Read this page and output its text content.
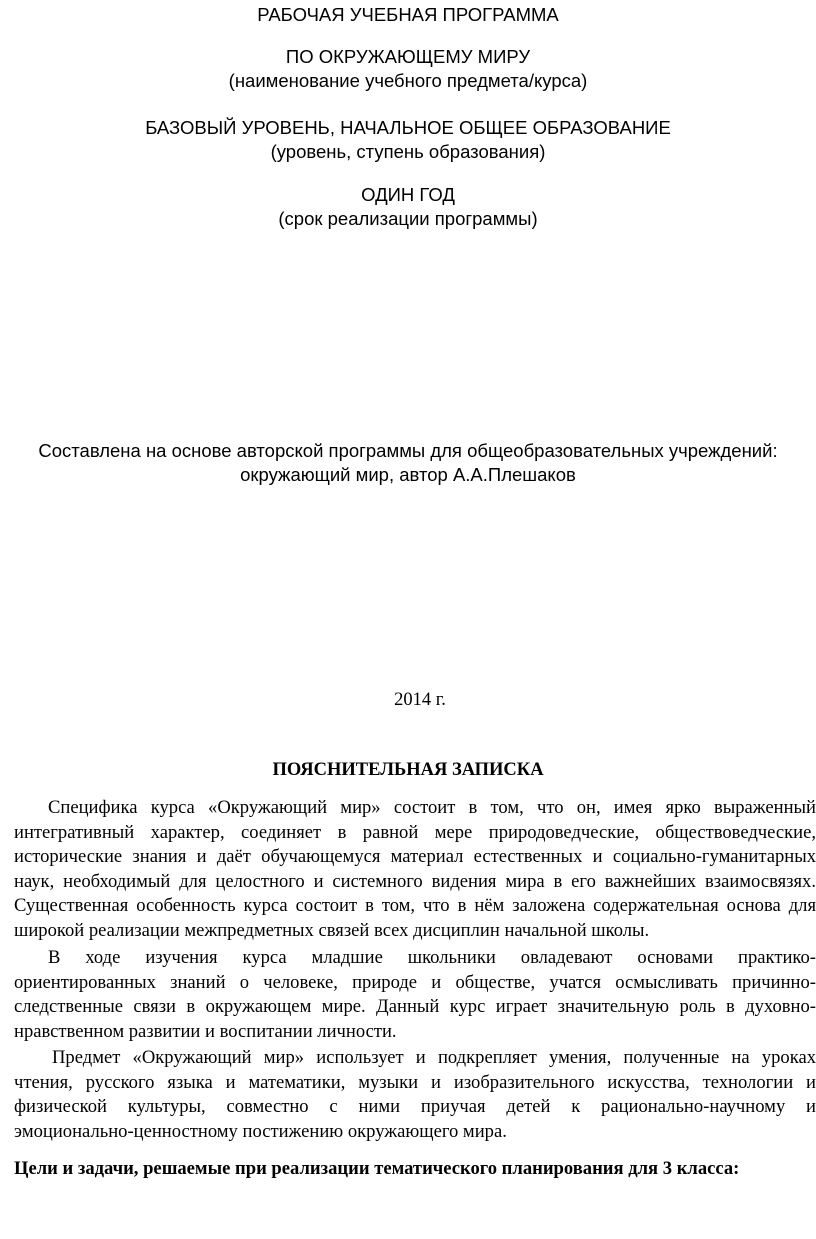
РАБОЧАЯ УЧЕБНАЯ ПРОГРАММА
ПО ОКРУЖАЮЩЕМУ МИРУ
(наименование учебного предмета/курса)
БАЗОВЫЙ УРОВЕНЬ, НАЧАЛЬНОЕ ОБЩЕЕ ОБРАЗОВАНИЕ
(уровень, ступень образования)
ОДИН ГОД
(срок реализации программы)
Составлена на основе авторской программы для общеобразовательных учреждений:
окружающий мир, автор А.А.Плешаков
2014 г.
ПОЯСНИТЕЛЬНАЯ ЗАПИСКА
Специфика курса «Окружающий мир» состоит в том, что он, имея ярко выраженный
интегративный характер, соединяет в равной мере природоведческие, обществоведческие,
исторические знания и даёт обучающемуся материал естественных и социально-гуманитарных
наук, необходимый для целостного и системного видения мира в его важнейших взаимосвязях.
Существенная особенность курса состоит в том, что в нём заложена содержательная основа для
широкой реализации межпредметных связей всех дисциплин начальной школы.
В ходе изучения курса младшие школьники овладевают основами практико-
ориентированных знаний о человеке, природе и обществе, учатся осмысливать причинно-
следственные связи в окружающем мире. Данный курс играет значительную роль в духовно-
нравственном развитии и воспитании личности.
Предмет «Окружающий мир» использует и подкрепляет умения, полученные на уроках
чтения, русского языка и математики, музыки и изобразительного искусства, технологии и
физической культуры, совместно с ними приучая детей к рационально-научному и
эмоционально-ценностному постижению окружающего мира.
Цели и задачи, решаемые при реализации тематического планирования для 3 класса:
